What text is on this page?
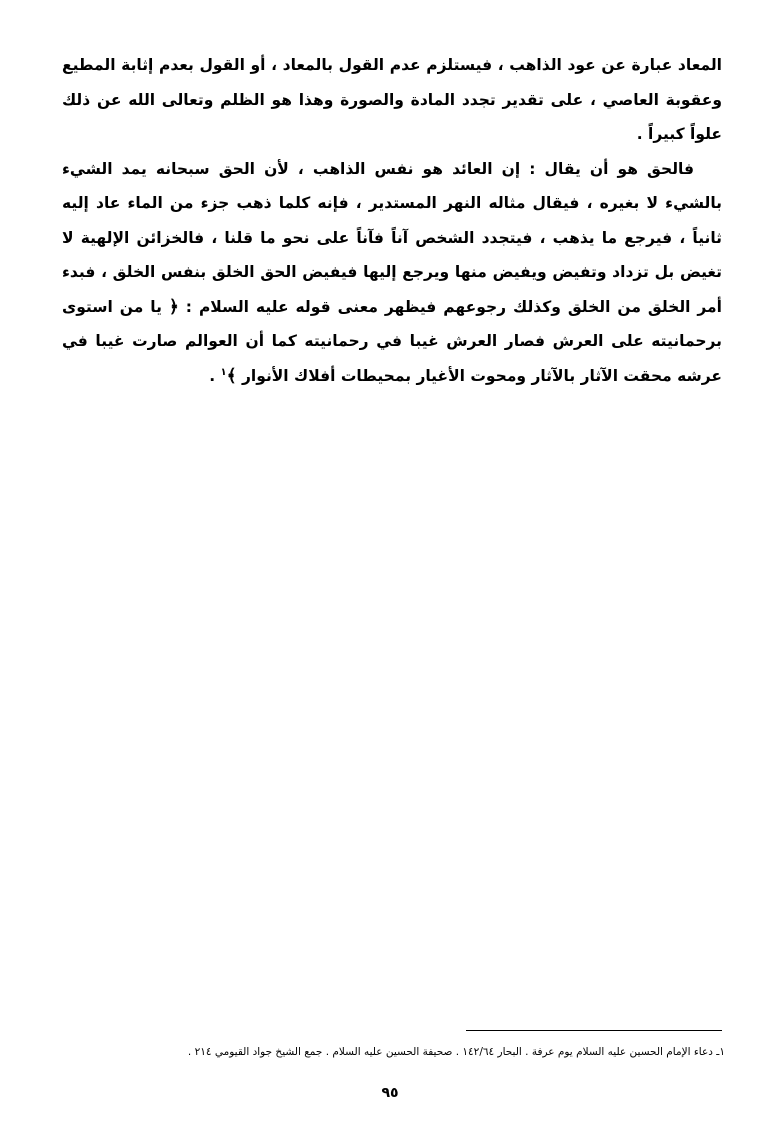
المعاد عبارة عن عود الذاهب ، فيستلزم عدم القول بالمعاد ، أو القول بعدم إثابة المطيع وعقوبة العاصي ، على تقدير تجدد المادة والصورة وهذا هو الظلم وتعالى الله عن ذلك علواً كبيراً .

فالحق هو أن يقال : إن العائد هو نفس الذاهب ، لأن الحق سبحانه يمد الشيء بالشيء لا بغيره ، فيقال مثاله النهر المستدير ، فإنه كلما ذهب جزء من الماء عاد إليه ثانياً ، فيرجع ما يذهب ، فيتجدد الشخص آناً فآناً على نحو ما قلنا ، فالخزائن الإلهية لا تغيض بل تزداد وتفيض ويفيض منها ويرجع إليها فيفيض الحق الخلق بنفس الخلق ، فبدء أمر الخلق من الخلق وكذلك رجوعهم فيظهر معنى قوله عليه السلام : ﴿ يا من استوى برحمانيته على العرش فصار العرش غيبا في رحمانيته كما أن العوالم صارت غيبا في عرشه محقت الآثار بالآثار ومحوت الأغيار بمحيطات أفلاك الأنوار ﴾$^١$ .

١ـ دعاء الإمام الحسين عليه السلام يوم عرفة . البحار ١٤٢/٦٤ . صحيفة الحسين عليه السلام . جمع الشيخ جواد القيومي ٢١٤ .
٩٥
